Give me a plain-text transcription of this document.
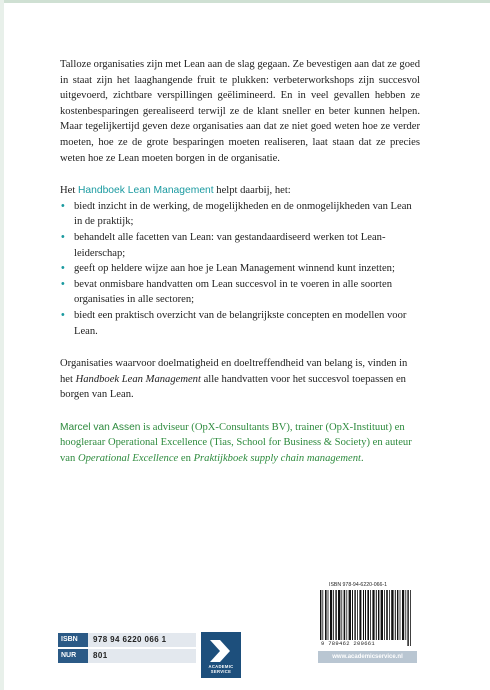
Talloze organisaties zijn met Lean aan de slag gegaan. Ze bevestigen aan dat ze goed in staat zijn het laaghangende fruit te plukken: verbeterworkshops zijn succesvol uitgevoerd, zichtbare verspillingen geëlimineerd. En in veel gevallen hebben ze kostenbesparingen gerealiseerd terwijl ze de klant sneller en beter kunnen helpen. Maar tegelijkertijd geven deze organisaties aan dat ze niet goed weten hoe ze verder moeten, hoe ze de grote besparingen moeten realiseren, laat staan dat ze precies weten hoe ze Lean moeten borgen in de organisatie.

Het Handboek Lean Management helpt daarbij, het:

• biedt inzicht in de werking, de mogelijkheden en de onmogelijkheden van Lean in de praktijk;
• behandelt alle facetten van Lean: van gestandaardiseerd werken tot Lean-leiderschap;
• geeft op heldere wijze aan hoe je Lean Management winnend kunt inzetten;
• bevat onmisbare handvatten om Lean succesvol in te voeren in alle soorten organisaties in alle sectoren;
• biedt een praktisch overzicht van de belangrijkste concepten en modellen voor Lean.

Organisaties waarvoor doelmatigheid en doeltreffendheid van belang is, vinden in het Handboek Lean Management alle handvatten voor het succesvol toepassen en borgen van Lean.

Marcel van Assen is adviseur (OpX-Consultants BV), trainer (OpX-Instituut) en hoogleraar Operational Excellence (Tias, School for Business & Society) en auteur van Operational Excellence en Praktijkboek supply chain management.

ISBN 978-94-6220-066-1
9 789462 200661
ISBN	978 94 6220 066 1
NUR	801
ACADEMIC SERVICE
www.academicservice.nl
